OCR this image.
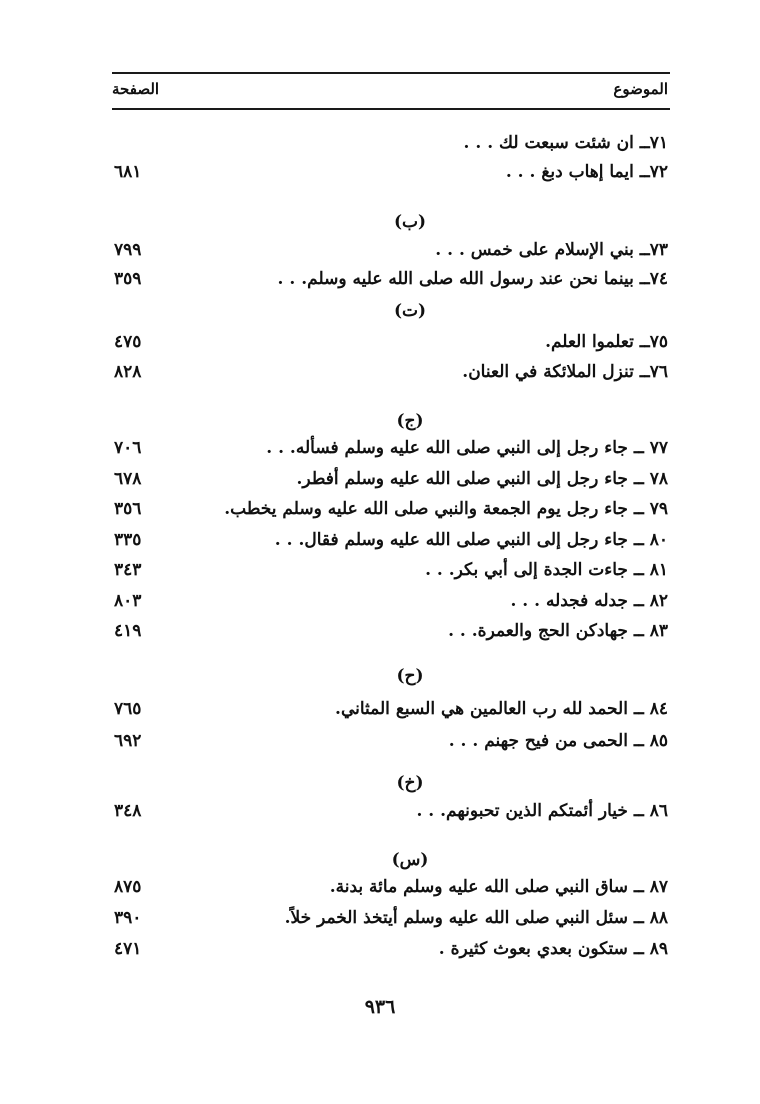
الموضوع
الصفحة
٧١ــ ان شئت سبعت لك . . .
٧٢ــ ايما إهاب دبغ . . .
٦٨١
(ب)
٧٣ــ بني الإسلام على خمس . . .
٧٩٩
٧٤ــ بينما نحن عند رسول الله صلى الله عليه وسلم. . .
٣٥٩
(ت)
٧٥ــ تعلموا العلم.
٤٧٥
٧٦ــ تنزل الملائكة في العنان.
٨٢٨
(ج)
٧٧ ــ جاء رجل إلى النبي صلى الله عليه وسلم فسأله. . .
٧٠٦
٧٨ ــ جاء رجل إلى النبي صلى الله عليه وسلم أفطر.
٦٧٨
٧٩ ــ جاء رجل يوم الجمعة والنبي صلى الله عليه وسلم يخطب.
٣٥٦
٨٠ ــ جاء رجل إلى النبي صلى الله عليه وسلم فقال. . .
٣٣٥
٨١ ــ جاءت الجدة إلى أبي بكر. . .
٣٤٣
٨٢ ــ جدله فجدله . . .
٨٠٣
٨٣ ــ جهادكن الحج والعمرة. . .
٤١٩
(ح)
٨٤ ــ الحمد لله رب العالمين هي السبع المثاني.
٧٦٥
٨٥ ــ الحمى من فيح جهنم . . .
٦٩٢
(خ)
٨٦ ــ خيار أئمتكم الذين تحبونهم. . .
٣٤٨
(س)
٨٧ ــ ساق النبي صلى الله عليه وسلم مائة بدنة.
٨٧٥
٨٨ ــ سئل النبي صلى الله عليه وسلم أيتخذ الخمر خلاً.
٣٩٠
٨٩ ــ ستكون بعدي بعوث كثيرة .
٤٧١
٩٣٦
